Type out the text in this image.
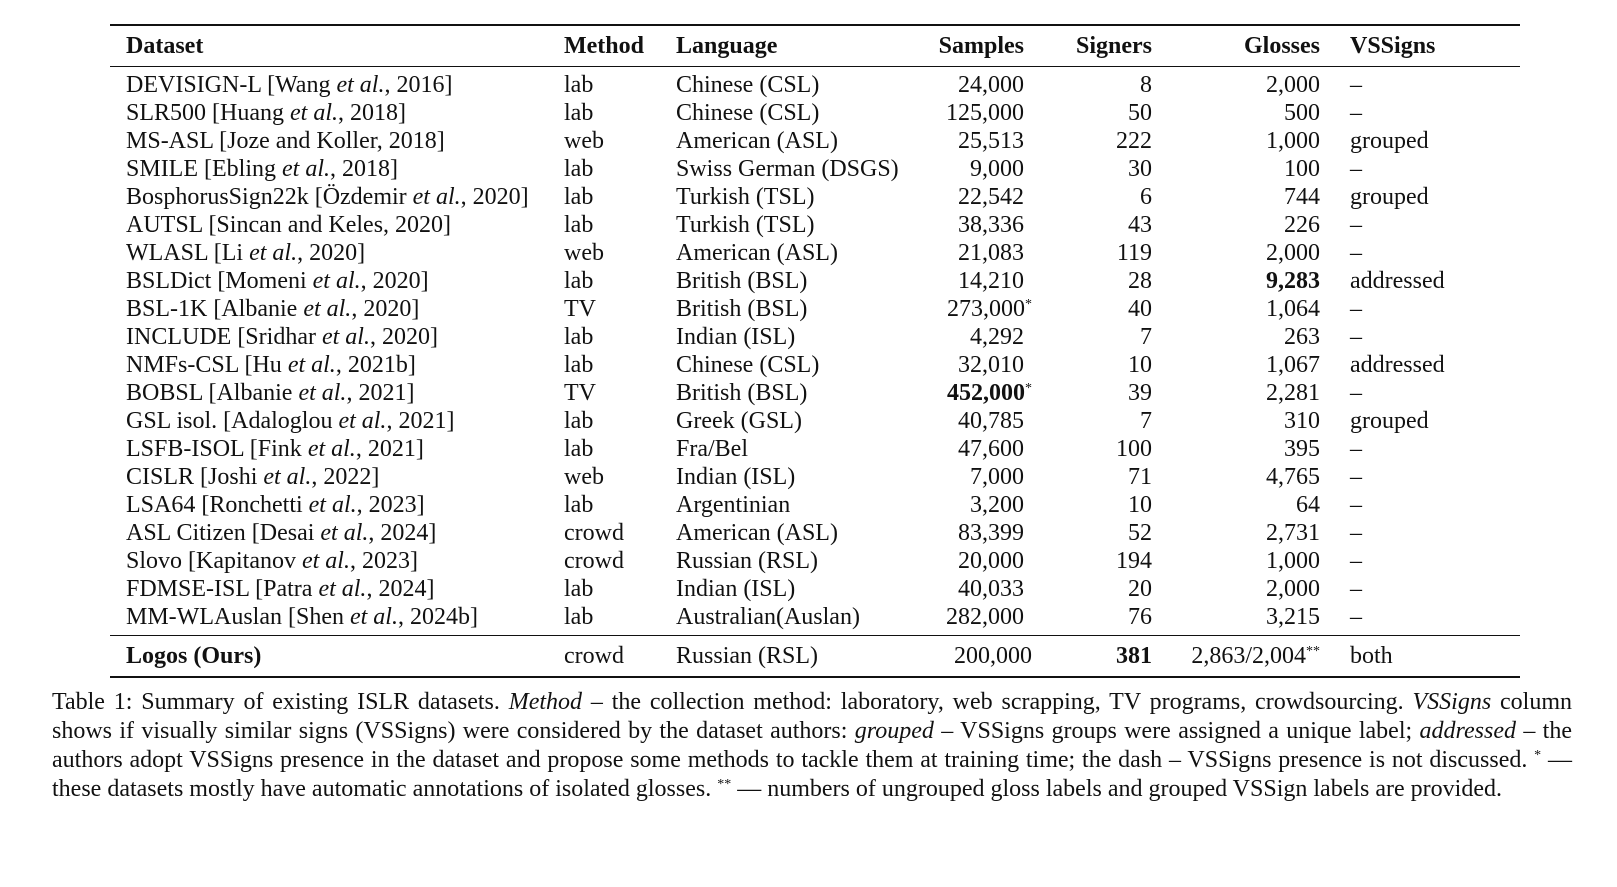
Dataset	Method	Language	Samples	Signers	Glosses	VSSigns
DEVISIGN-L [Wang et al., 2016]	lab	Chinese (CSL)	24,000	8	2,000	–
SLR500 [Huang et al., 2018]	lab	Chinese (CSL)	125,000	50	500	–
MS-ASL [Joze and Koller, 2018]	web	American (ASL)	25,513	222	1,000	grouped
SMILE [Ebling et al., 2018]	lab	Swiss German (DSGS)	9,000	30	100	–
BosphorusSign22k [Özdemir et al., 2020]	lab	Turkish (TSL)	22,542	6	744	grouped
AUTSL [Sincan and Keles, 2020]	lab	Turkish (TSL)	38,336	43	226	–
WLASL [Li et al., 2020]	web	American (ASL)	21,083	119	2,000	–
BSLDict [Momeni et al., 2020]	lab	British (BSL)	14,210	28	9,283	addressed
BSL-1K [Albanie et al., 2020]	TV	British (BSL)	273,000*	40	1,064	–
INCLUDE [Sridhar et al., 2020]	lab	Indian (ISL)	4,292	7	263	–
NMFs-CSL [Hu et al., 2021b]	lab	Chinese (CSL)	32,010	10	1,067	addressed
BOBSL [Albanie et al., 2021]	TV	British (BSL)	452,000*	39	2,281	–
GSL isol. [Adaloglou et al., 2021]	lab	Greek (GSL)	40,785	7	310	grouped
LSFB-ISOL [Fink et al., 2021]	lab	Fra/Bel	47,600	100	395	–
CISLR [Joshi et al., 2022]	web	Indian (ISL)	7,000	71	4,765	–
LSA64 [Ronchetti et al., 2023]	lab	Argentinian	3,200	10	64	–
ASL Citizen [Desai et al., 2024]	crowd	American (ASL)	83,399	52	2,731	–
Slovo [Kapitanov et al., 2023]	crowd	Russian (RSL)	20,000	194	1,000	–
FDMSE-ISL [Patra et al., 2024]	lab	Indian (ISL)	40,033	20	2,000	–
MM-WLAuslan [Shen et al., 2024b]	lab	Australian(Auslan)	282,000	76	3,215	–
Logos (Ours)	crowd	Russian (RSL)	200,000	381	2,863/2,004**	both
Table 1: Summary of existing ISLR datasets. Method – the collection method: laboratory, web scrapping, TV programs, crowdsourcing. VSSigns column shows if visually similar signs (VSSigns) were considered by the dataset authors: grouped – VSSigns groups were assigned a unique label; addressed – the authors adopt VSSigns presence in the dataset and propose some methods to tackle them at training time; the dash – VSSigns presence is not discussed. * — these datasets mostly have automatic annotations of isolated glosses. ** — numbers of ungrouped gloss labels and grouped VSSign labels are provided.
